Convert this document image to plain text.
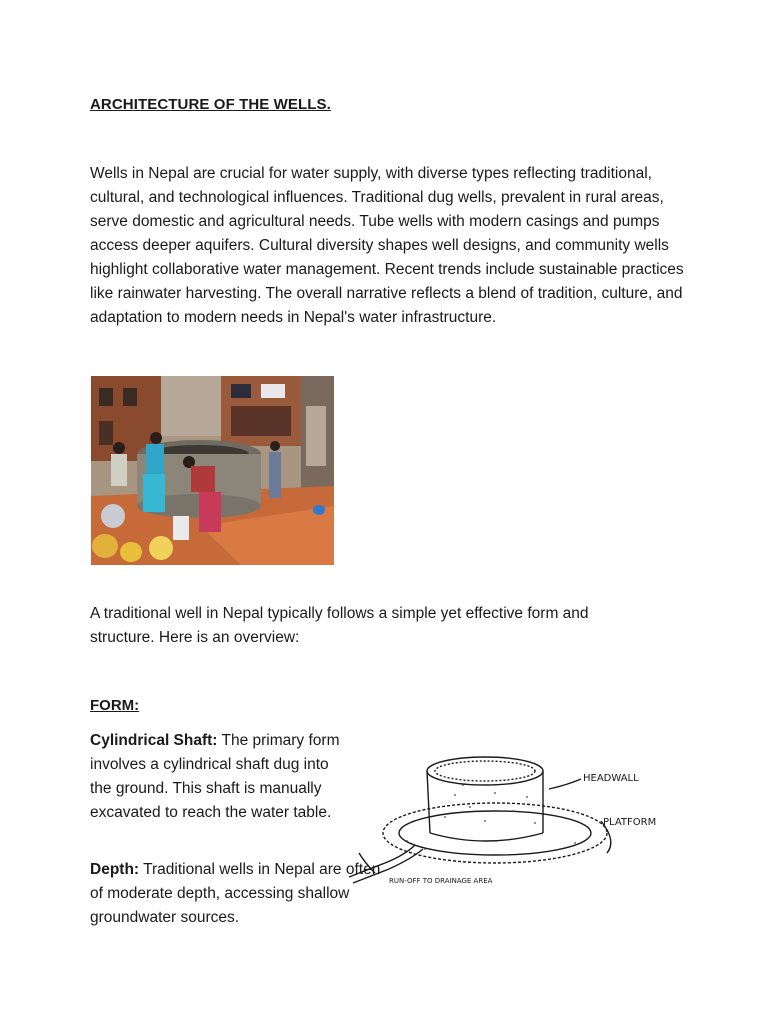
ARCHITECTURE OF THE WELLS.

Wells in Nepal are crucial for water supply, with diverse types reflecting traditional, cultural, and technological influences. Traditional dug wells, prevalent in rural areas, serve domestic and agricultural needs. Tube wells with modern casings and pumps access deeper aquifers. Cultural diversity shapes well designs, and community wells highlight collaborative water management. Recent trends include sustainable practices like rainwater harvesting. The overall narrative reflects a blend of tradition, culture, and adaptation to modern needs in Nepal's water infrastructure.

A traditional well in Nepal typically follows a simple yet effective form and structure. Here is an overview:

FORM:

Cylindrical Shaft: The primary form involves a cylindrical shaft dug into the ground. This shaft is manually excavated to reach the water table.

Depth: Traditional wells in Nepal are often of moderate depth, accessing shallow groundwater sources.

HEADWALL
PLATFORM
RUN-OFF TO DRAINAGE AREA
